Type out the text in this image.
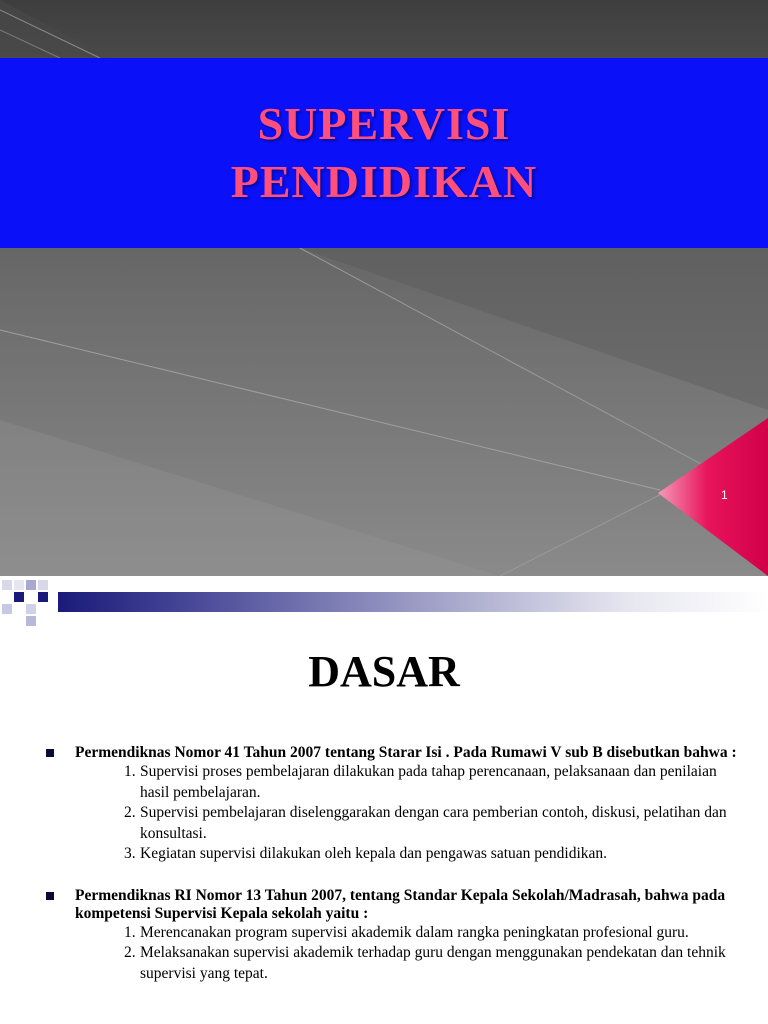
SUPERVISI
PENDIDIKAN
1
DASAR
Permendiknas Nomor 41 Tahun 2007 tentang Starar Isi . Pada Rumawi V sub B disebutkan bahwa :
1. Supervisi proses pembelajaran dilakukan pada tahap perencanaan, pelaksanaan dan penilaian hasil pembelajaran.
2. Supervisi pembelajaran diselenggarakan dengan cara pemberian contoh, diskusi, pelatihan dan konsultasi.
3. Kegiatan supervisi dilakukan oleh kepala dan pengawas satuan pendidikan.
Permendiknas RI Nomor 13 Tahun 2007, tentang Standar Kepala Sekolah/Madrasah, bahwa pada kompetensi Supervisi Kepala sekolah yaitu :
1. Merencanakan program supervisi akademik dalam rangka peningkatan profesional guru.
2. Melaksanakan supervisi akademik terhadap guru dengan menggunakan pendekatan dan tehnik supervisi yang tepat.
